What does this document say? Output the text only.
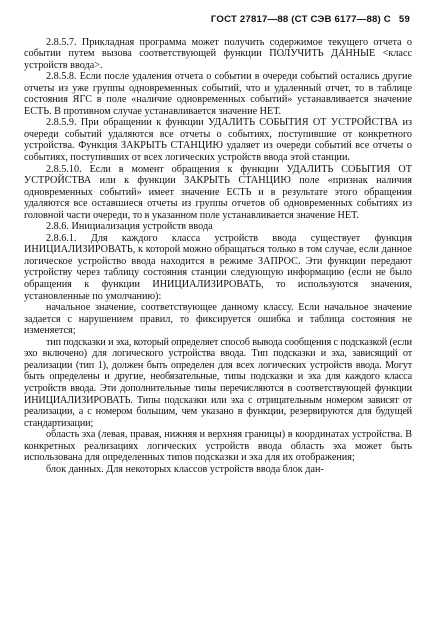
ГОСТ 27817—88 (СТ СЭВ 6177—88) С 59

2.8.5.7. Прикладная программа может получить содержимое текущего отчета о событии путем вызова соответствующей функции ПОЛУЧИТЬ ДАННЫЕ <класс устройств ввода>.

2.8.5.8. Если после удаления отчета о событии в очереди событий остались другие отчеты из уже группы одновременных событий, что и удаленный отчет, то в таблице состояния ЯГС в поле «наличие одновременных событий» устанавливается значение ЕСТЬ. В противном случае устанавливается значение НЕТ.

2.8.5.9. При обращении к функции УДАЛИТЬ СОБЫТИЯ ОТ УСТРОЙСТВА из очереди событий удаляются все отчеты о событиях, поступившие от конкретного устройства. Функция ЗАКРЫТЬ СТАНЦИЮ удаляет из очереди событий все отчеты о событиях, поступивших от всех логических устройств ввода этой станции.

2.8.5.10. Если в момент обращения к функции УДАЛИТЬ СОБЫТИЯ ОТ УСТРОЙСТВА или к функции ЗАКРЫТЬ СТАНЦИЮ поле «признак наличия одновременных событий» имеет значение ЕСТЬ и в результате этого обращения удаляются все оставшиеся отчеты из группы отчетов об одновременных событиях из головной части очереди, то в указанном поле устанавливается значение НЕТ.

2.8.6. Инициализация устройств ввода

2.8.6.1. Для каждого класса устройств ввода существует функция ИНИЦИАЛИЗИРОВАТЬ, к которой можно обращаться только в том случае, если данное логическое устройство ввода находится в режиме ЗАПРОС. Эти функции передают устройству через таблицу состояния станции следующую информацию (если не было обращения к функции ИНИЦИАЛИЗИРОВАТЬ, то используются значения, установленные по умолчанию):

начальное значение, соответствующее данному классу. Если начальное значение задается с нарушением правил, то фиксируется ошибка и таблица состояния не изменяется;

тип подсказки и эха, который определяет способ вывода сообщения с подсказкой (если эхо включено) для логического устройства ввода. Тип подсказки и эха, зависящий от реализации (тип 1), должен быть определен для всех логических устройств ввода. Могут быть определены и другие, необязательные, типы подсказки и эха для каждого класса устройств ввода. Эти дополнительные типы перечисляются в соответствующей функции ИНИЦИАЛИЗИРОВАТЬ. Типы подсказки или эха с отрицательным номером зависят от реализации, а с номером большим, чем указано в функции, резервируются для будущей стандартизации;

область эха (левая, правая, нижняя и верхняя границы) в координатах устройства. В конкретных реализациях логических устройств ввода область эха может быть использована для определенных типов подсказки и эха для их отображения;

блок данных. Для некоторых классов устройств ввода блок дан-
